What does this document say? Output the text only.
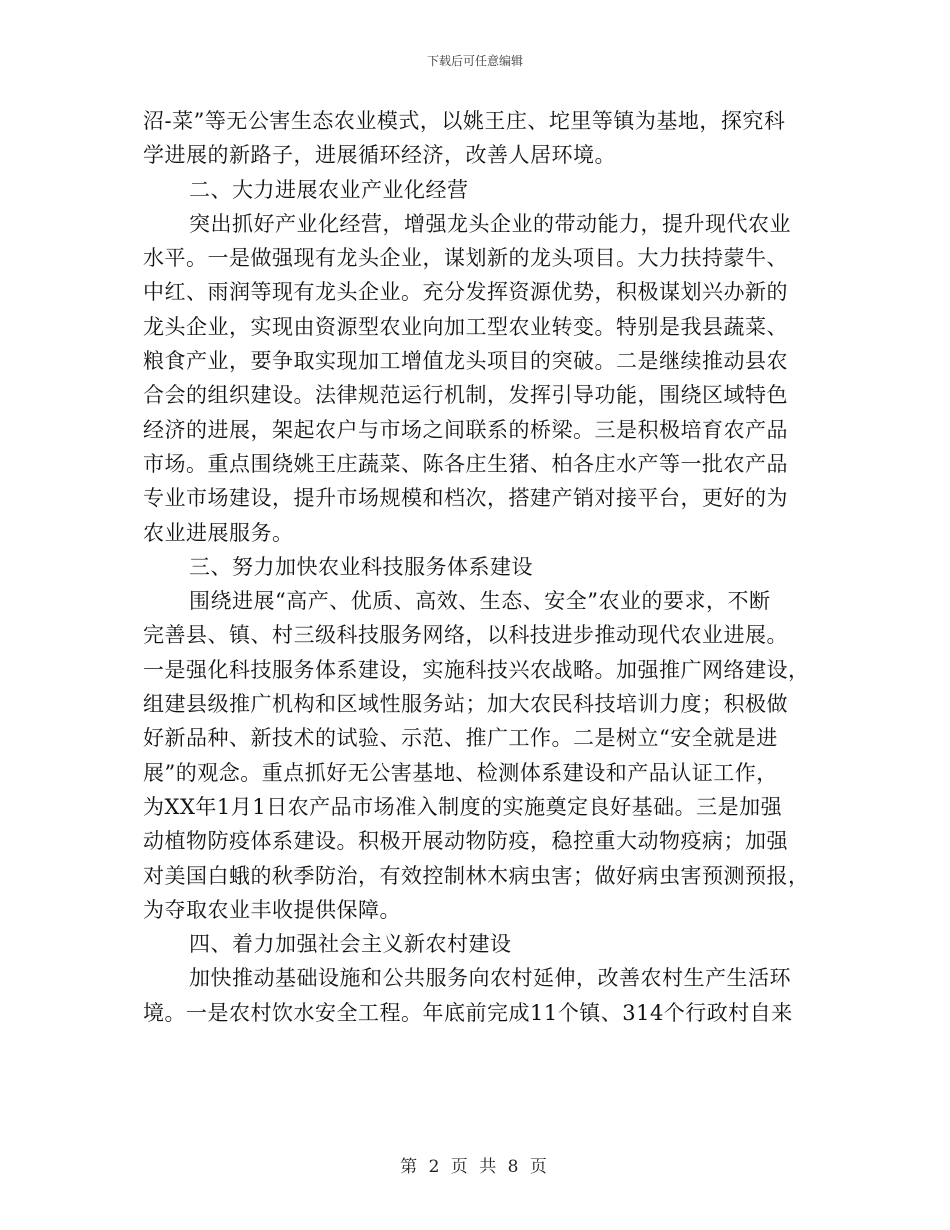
下载后可任意编辑
沼-菜”等无公害生态农业模式，以姚王庄、坨里等镇为基地，探究科
学进展的新路子，进展循环经济，改善人居环境。
二、大力进展农业产业化经营
突出抓好产业化经营，增强龙头企业的带动能力，提升现代农业
水平。一是做强现有龙头企业，谋划新的龙头项目。大力扶持蒙牛、
中红、雨润等现有龙头企业。充分发挥资源优势，积极谋划兴办新的
龙头企业，实现由资源型农业向加工型农业转变。特别是我县蔬菜、
粮食产业，要争取实现加工增值龙头项目的突破。二是继续推动县农
合会的组织建设。法律规范运行机制，发挥引导功能，围绕区域特色
经济的进展，架起农户与市场之间联系的桥梁。三是积极培育农产品
市场。重点围绕姚王庄蔬菜、陈各庄生猪、柏各庄水产等一批农产品
专业市场建设，提升市场规模和档次，搭建产销对接平台，更好的为
农业进展服务。
三、努力加快农业科技服务体系建设
围绕进展“高产、优质、高效、生态、安全”农业的要求，不断
完善县、镇、村三级科技服务网络，以科技进步推动现代农业进展。
一是强化科技服务体系建设，实施科技兴农战略。加强推广网络建设，
组建县级推广机构和区域性服务站；加大农民科技培训力度；积极做
好新品种、新技术的试验、示范、推广工作。二是树立“安全就是进
展”的观念。重点抓好无公害基地、检测体系建设和产品认证工作，
为XX年1月1日农产品市场准入制度的实施奠定良好基础。三是加强
动植物防疫体系建设。积极开展动物防疫，稳控重大动物疫病；加强
对美国白蛾的秋季防治，有效控制林木病虫害；做好病虫害预测预报，
为夺取农业丰收提供保障。
四、着力加强社会主义新农村建设
加快推动基础设施和公共服务向农村延伸，改善农村生产生活环
境。一是农村饮水安全工程。年底前完成11个镇、314个行政村自来
第 2 页 共 8 页
